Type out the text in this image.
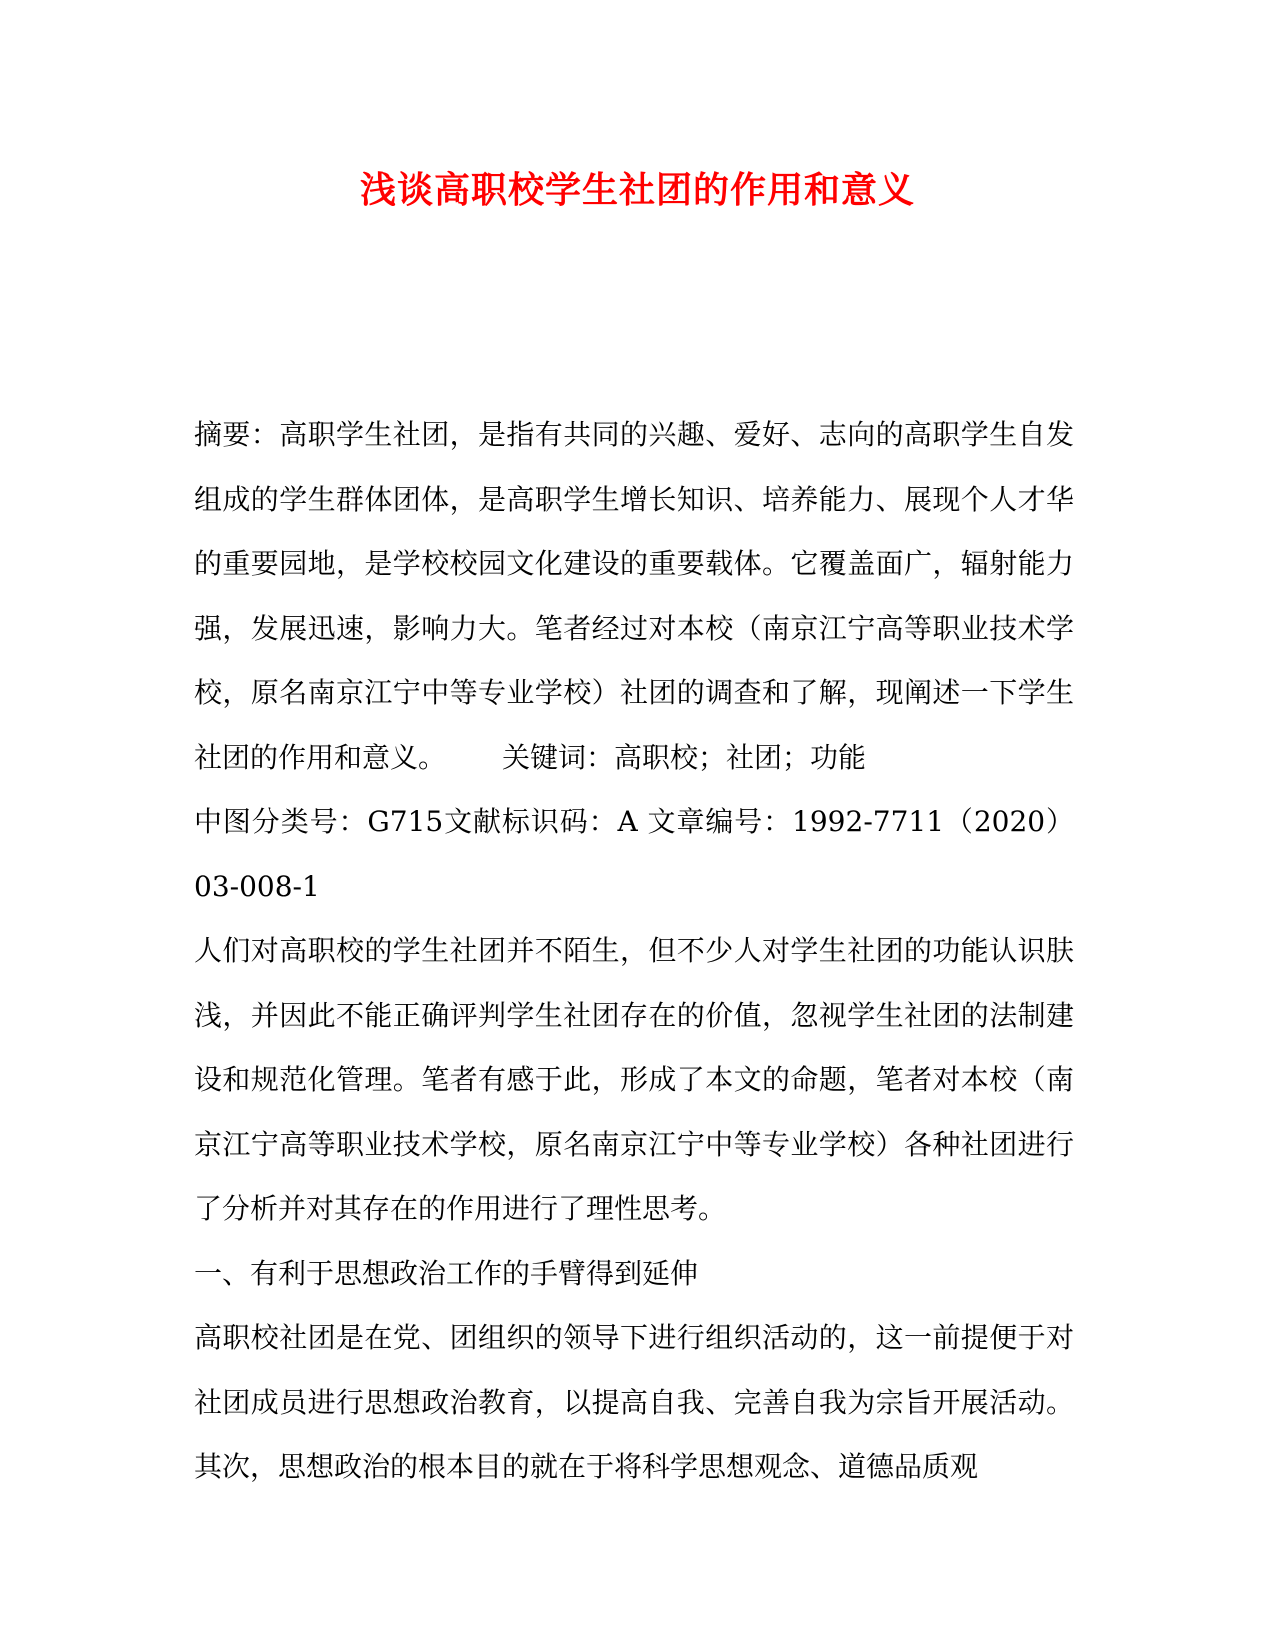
浅谈高职校学生社团的作用和意义

摘要：高职学生社团，是指有共同的兴趣、爱好、志向的高职学生自发组成的学生群体团体，是高职学生增长知识、培养能力、展现个人才华的重要园地，是学校校园文化建设的重要载体。它覆盖面广，辐射能力强，发展迅速，影响力大。笔者经过对本校（南京江宁高等职业技术学校，原名南京江宁中等专业学校）社团的调查和了解，现阐述一下学生社团的作用和意义。 关键词：高职校；社团；功能

中图分类号：G715文献标识码：A 文章编号：1992-7711（2020）03-008-1

人们对高职校的学生社团并不陌生，但不少人对学生社团的功能认识肤浅，并因此不能正确评判学生社团存在的价值，忽视学生社团的法制建设和规范化管理。笔者有感于此，形成了本文的命题，笔者对本校（南京江宁高等职业技术学校，原名南京江宁中等专业学校）各种社团进行了分析并对其存在的作用进行了理性思考。

一、有利于思想政治工作的手臂得到延伸

高职校社团是在党、团组织的领导下进行组织活动的，这一前提便于对社团成员进行思想政治教育，以提高自我、完善自我为宗旨开展活动。其次，思想政治的根本目的就在于将科学思想观念、道德品质观
